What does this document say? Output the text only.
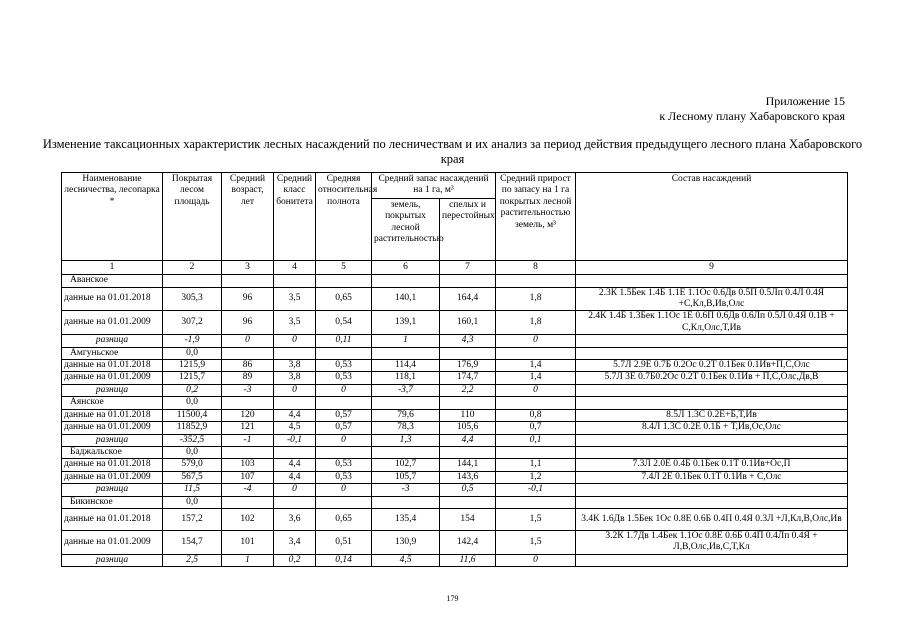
Приложение 15
к Лесному плану Хабаровского края
Изменение таксационных характеристик лесных насаждений по лесничествам и их анализ за период действия предыдущего лесного плана Хабаровского края
Наименование лесничества, лесопарка *	Покрытая лесом площадь	Средний возраст, лет	Средний класс бонитета	Средняя относительная полнота	Средний запас насаждений на 1 га, м³		Средний прирост по запасу на 1 га покрытых лесной растительностью земель, м³	Состав насаждений
					земель, покрытых лесной растительностью	спелых и перестойных		
1	2	3	4	5	6	7	8	9
Аванское								
данные на 01.01.2018	305,3	96	3,5	0,65	140,1	164,4	1,8	2.3К 1.5Бек 1.4Б 1.1Е 1.1Ос 0.6Дв 0.5П 0.5Лп 0.4Л 0.4Я +С,Кл,В,Ив,Олс
данные на 01.01.2009	307,2	96	3,5	0,54	139,1	160,1	1,8	2.4К 1.4Б 1.3Бек 1.1Ос 1Е 0.6П 0.6Дв 0.6Лп 0.5Л 0.4Я 0.1В + С,Кл,Олс,Т,Ив
разница	-1,9	0	0	0,11	1	4,3	0	
Амгуньское	0,0							
данные на 01.01.2018	1215,9	86	3,8	0,53	114,4	176,9	1,4	5.7Л 2.9Е 0.7Б 0.2Ос 0.2Т 0.1Бек 0.1Ив+П,С,Олс
данные на 01.01.2009	1215,7	89	3,8	0,53	118,1	174,7	1,4	5.7Л 3Е 0.7Б0.2Ос 0.2Т 0.1Бек 0.1Ив + П,С,Олс,Дв,В
разница	0,2	-3	0	0	-3,7	2,2	0	
Аянское	0,0							
данные на 01.01.2018	11500,4	120	4,4	0,57	79,6	110	0,8	8.5Л 1.3С 0.2Е+Б,Т,Ив
данные на 01.01.2009	11852,9	121	4,5	0,57	78,3	105,6	0,7	8.4Л 1.3С 0.2Е 0.1Б + Т,Ив,Ос,Олс
разница	-352,5	-1	-0,1	0	1,3	4,4	0,1	
Баджальское	0,0							
данные на 01.01.2018	579,0	103	4,4	0,53	102,7	144,1	1,1	7.3Л 2.0Е 0.4Б 0.1Бек 0.1Т 0.1Ив+Ос,П
данные на 01.01.2009	567,5	107	4,4	0,53	105,7	143,6	1,2	7.4Л 2Е 0.1Бек 0.1Т 0.1Ив + С,Олс
разница	11,5	-4	0	0	-3	0,5	-0,1	
Бикинское	0,0							
данные на 01.01.2018	157,2	102	3,6	0,65	135,4	154	1,5	3.4К 1.6Дв 1.5Бек 1Ос 0.8Е 0.6Б 0.4П 0.4Я 0.3Л +Л,Кл,В,Олс,Ив
данные на 01.01.2009	154,7	101	3,4	0,51	130,9	142,4	1,5	3.2К 1.7Дв 1.4Бек 1.1Ос 0.8Е 0.6Б 0.4П 0.4Лп 0.4Я + Л,В,Олс,Ив,С,Т,Кл
разница	2,5	1	0,2	0,14	4,5	11,6	0	
179
